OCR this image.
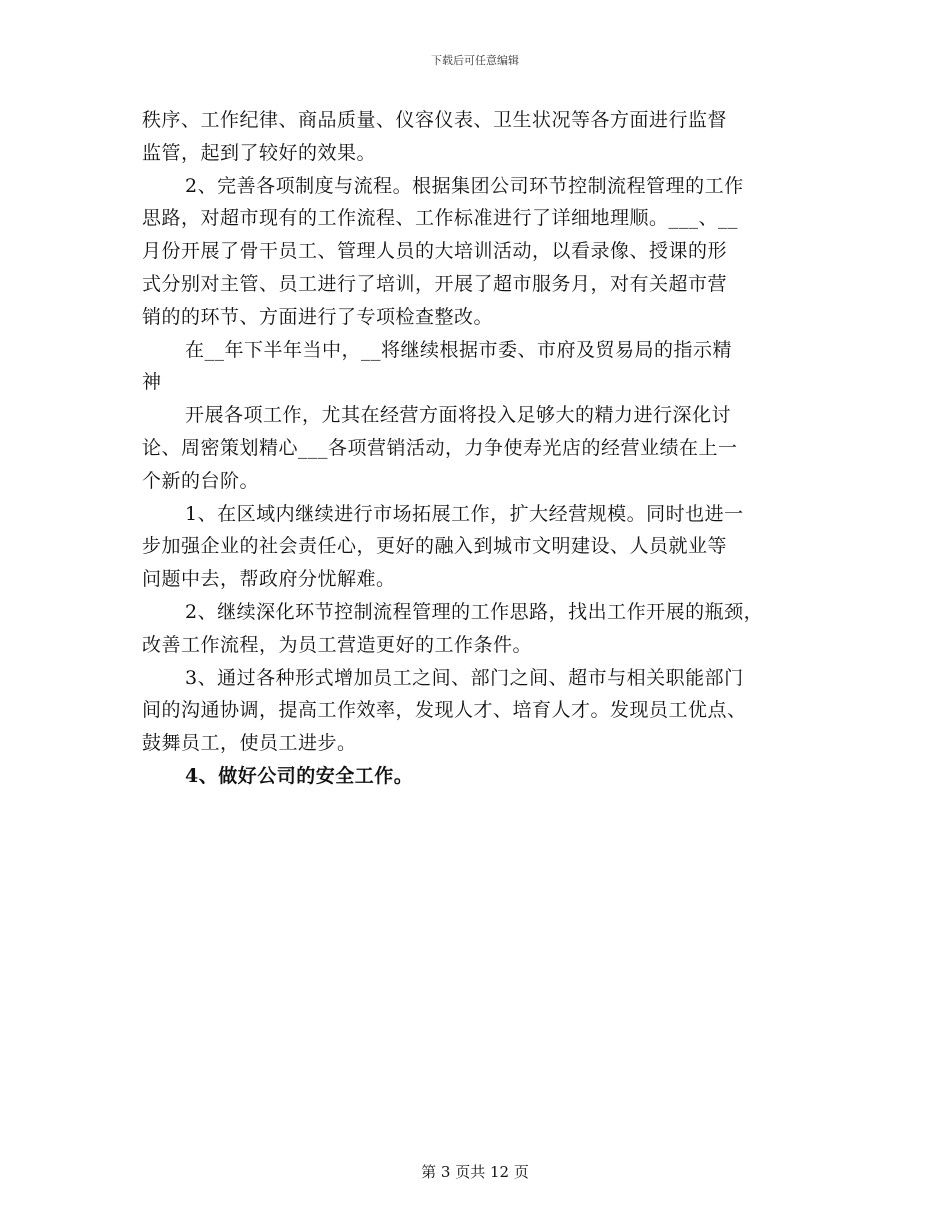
下载后可任意编辑
秩序、工作纪律、商品质量、仪容仪表、卫生状况等各方面进行监督
监管，起到了较好的效果。
2、完善各项制度与流程。根据集团公司环节控制流程管理的工作
思路，对超市现有的工作流程、工作标准进行了详细地理顺。___、__
月份开展了骨干员工、管理人员的大培训活动，以看录像、授课的形
式分别对主管、员工进行了培训，开展了超市服务月，对有关超市营
销的的环节、方面进行了专项检查整改。
在__年下半年当中，__将继续根据市委、市府及贸易局的指示精
神
开展各项工作，尤其在经营方面将投入足够大的精力进行深化讨
论、周密策划精心___各项营销活动，力争使寿光店的经营业绩在上一
个新的台阶。
1、在区域内继续进行市场拓展工作，扩大经营规模。同时也进一
步加强企业的社会责任心，更好的融入到城市文明建设、人员就业等
问题中去，帮政府分忧解难。
2、继续深化环节控制流程管理的工作思路，找出工作开展的瓶颈，
改善工作流程，为员工营造更好的工作条件。
3、通过各种形式增加员工之间、部门之间、超市与相关职能部门
间的沟通协调，提高工作效率，发现人才、培育人才。发现员工优点、
鼓舞员工，使员工进步。
4、做好公司的安全工作。
第 3 页共 12 页
